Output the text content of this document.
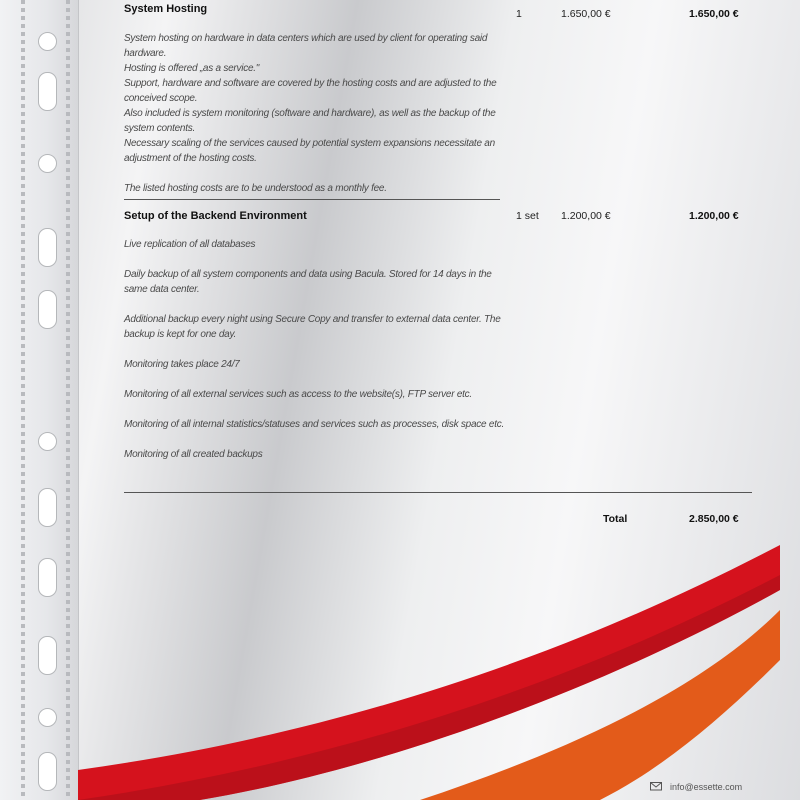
System Hosting	1	1.650,00 €	1.650,00 €
System hosting on hardware in data centers which are used by client for operating said hardware.
Hosting is offered „as a service."
Support, hardware and software are covered by the hosting costs and are adjusted to the conceived scope.
Also included is system monitoring (software and hardware), as well as the backup of the system contents.
Necessary scaling of the services caused by potential system expansions necessitate an adjustment of the hosting costs.

The listed hosting costs are to be understood as a monthly fee.
Setup of the Backend Environment	1 set 1.200,00 €	1.200,00 €
Live replication of all databases

Daily backup of all system components and data using Bacula. Stored for 14 days in the same data center.

Additional backup every night using Secure Copy and transfer to external data center. The backup is kept for one day.

Monitoring takes place 24/7

Monitoring of all external services such as access to the website(s), FTP server etc.

Monitoring of all internal statistics/statuses and services such as processes, disk space etc.

Monitoring of all created backups
Total	2.850,00 €
info@essette.com
